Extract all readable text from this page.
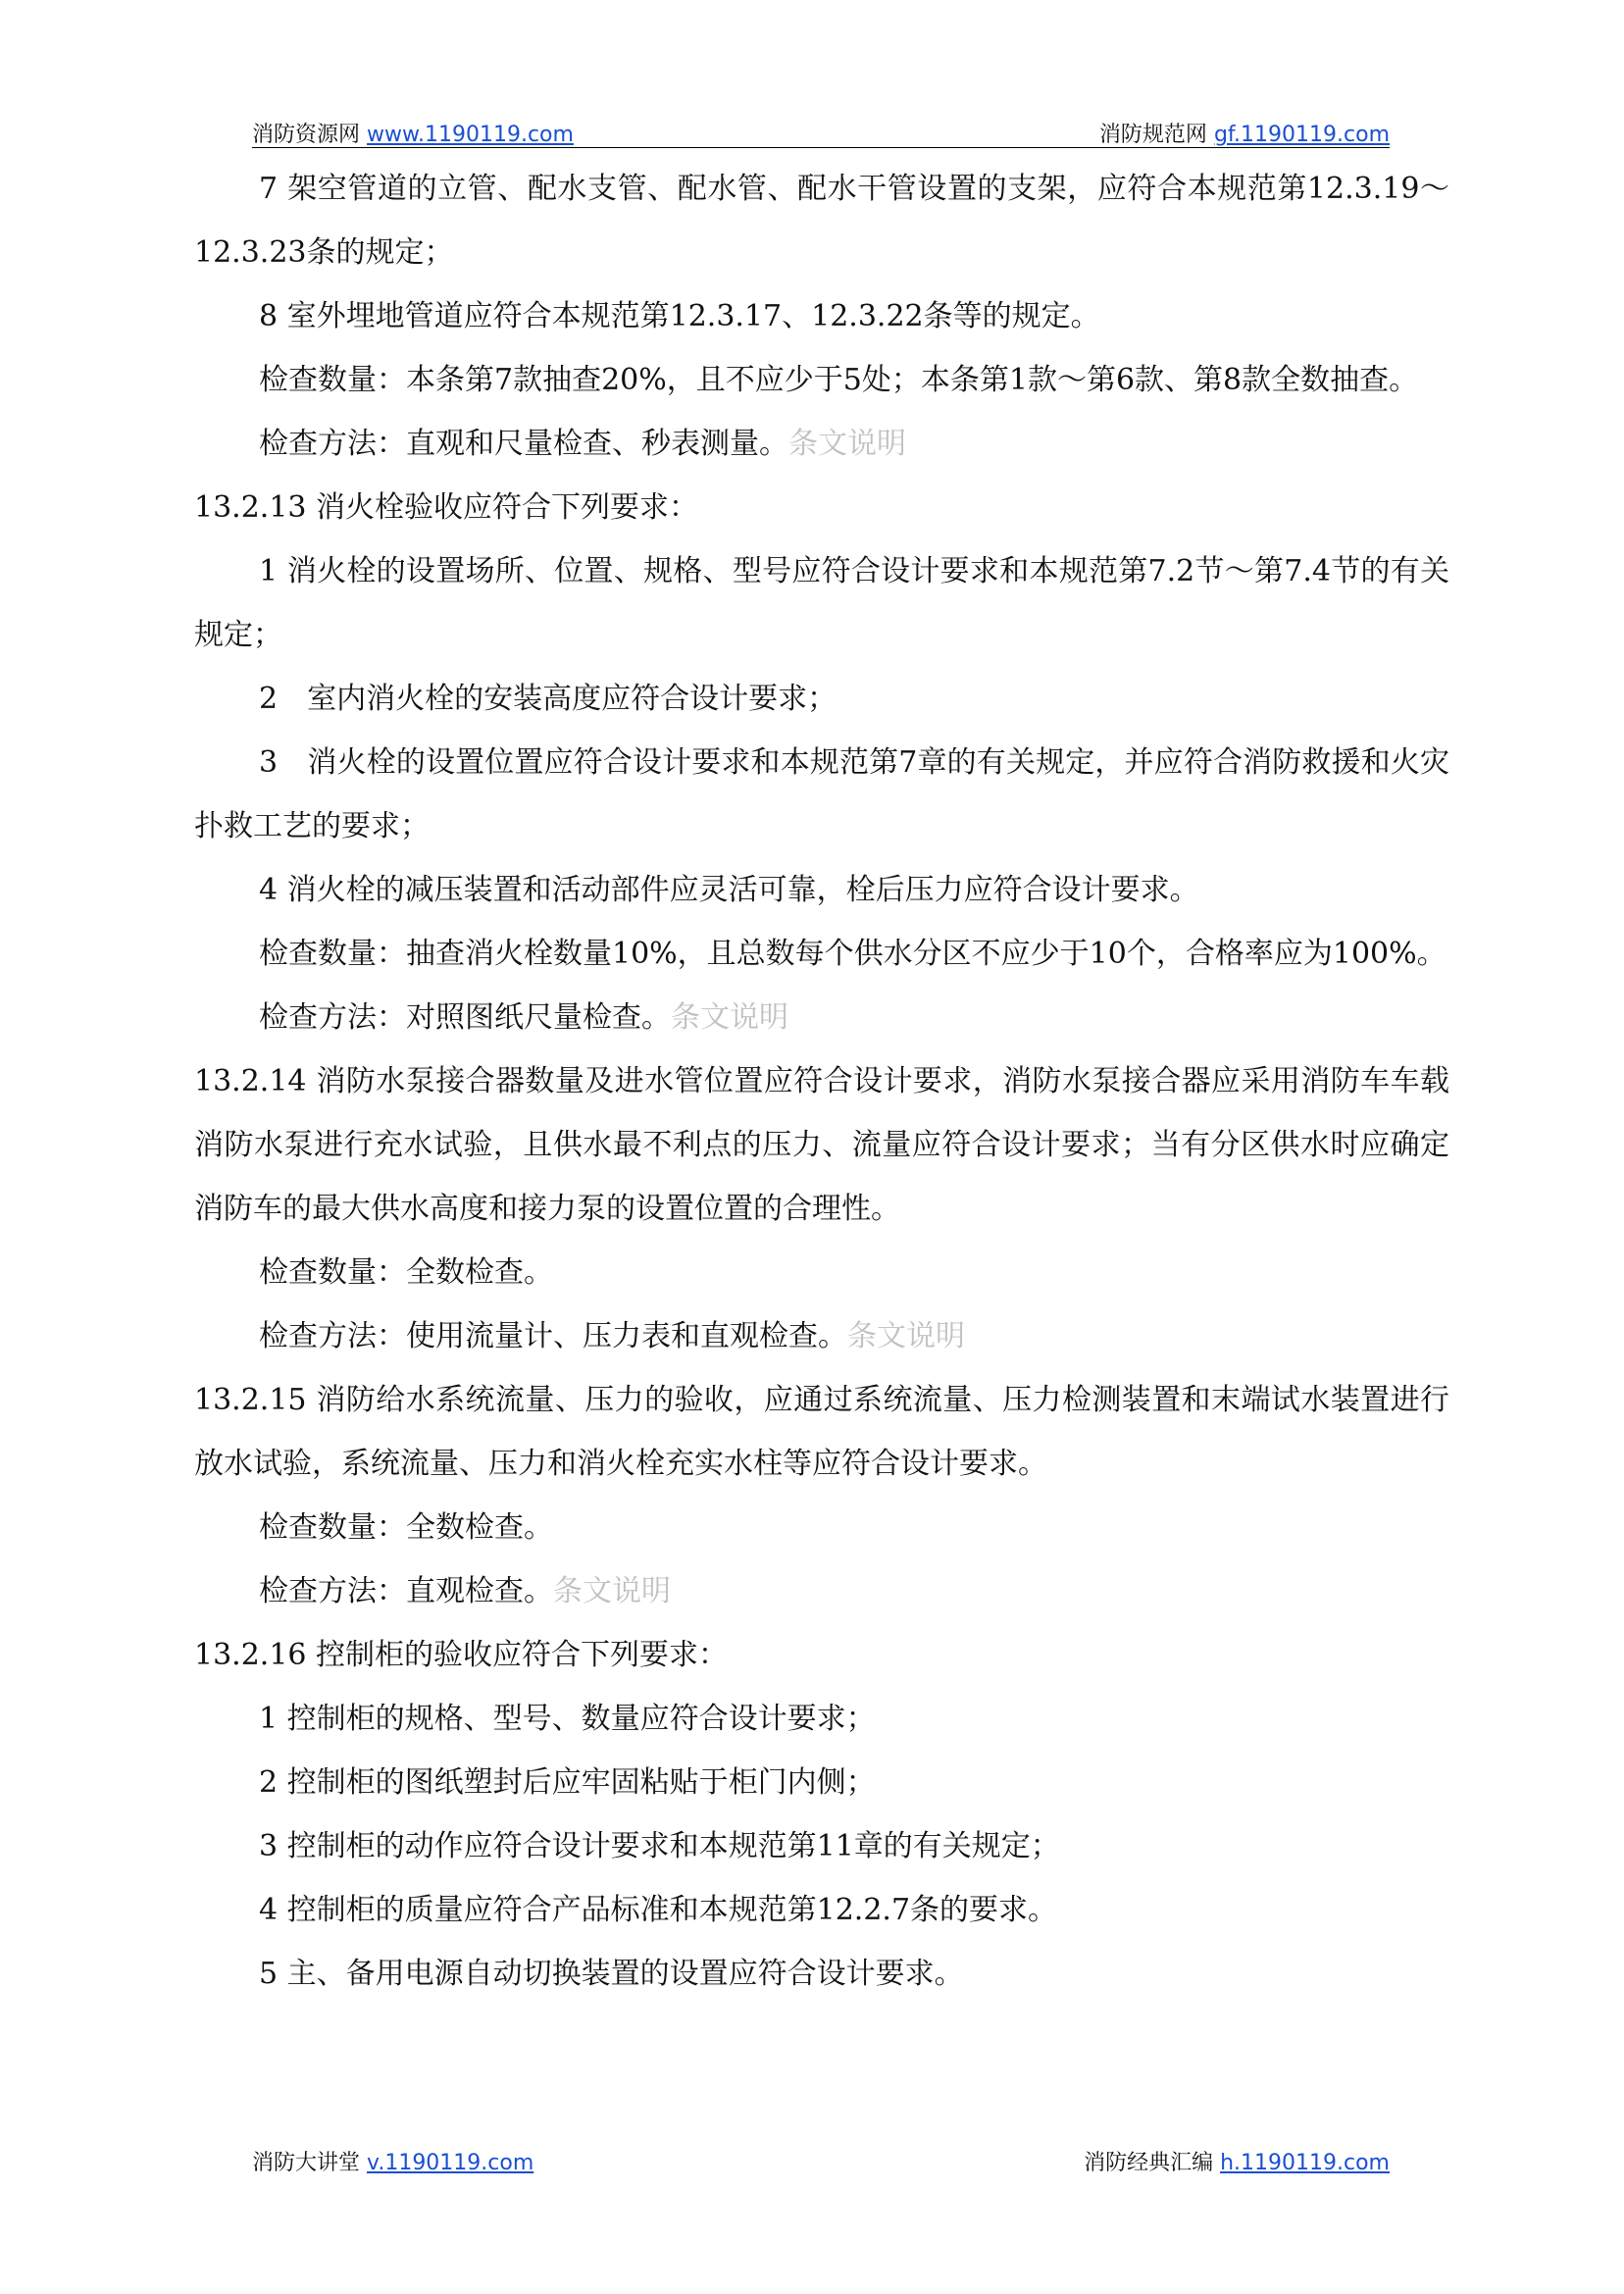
消防资源网 www.1190119.com	消防规范网 gf.1190119.com

7 架空管道的立管、配水支管、配水管、配水干管设置的支架，应符合本规范第12.3.19～12.3.23条的规定；

8 室外埋地管道应符合本规范第12.3.17、12.3.22条等的规定。

检查数量：本条第7款抽查20%，且不应少于5处；本条第1款～第6款、第8款全数抽查。

检查方法：直观和尺量检查、秒表测量。条文说明

13.2.13 消火栓验收应符合下列要求：

1 消火栓的设置场所、位置、规格、型号应符合设计要求和本规范第7.2节～第7.4节的有关规定；

2　室内消火栓的安装高度应符合设计要求；

3　消火栓的设置位置应符合设计要求和本规范第7章的有关规定，并应符合消防救援和火灾扑救工艺的要求；

4 消火栓的减压装置和活动部件应灵活可靠，栓后压力应符合设计要求。

检查数量：抽查消火栓数量10%，且总数每个供水分区不应少于10个，合格率应为100%。

检查方法：对照图纸尺量检查。条文说明

13.2.14 消防水泵接合器数量及进水管位置应符合设计要求，消防水泵接合器应采用消防车车载消防水泵进行充水试验，且供水最不利点的压力、流量应符合设计要求；当有分区供水时应确定消防车的最大供水高度和接力泵的设置位置的合理性。

检查数量：全数检查。

检查方法：使用流量计、压力表和直观检查。条文说明

13.2.15 消防给水系统流量、压力的验收，应通过系统流量、压力检测装置和末端试水装置进行放水试验，系统流量、压力和消火栓充实水柱等应符合设计要求。

检查数量：全数检查。

检查方法：直观检查。条文说明

13.2.16 控制柜的验收应符合下列要求：

1 控制柜的规格、型号、数量应符合设计要求；

2 控制柜的图纸塑封后应牢固粘贴于柜门内侧；

3 控制柜的动作应符合设计要求和本规范第11章的有关规定；

4 控制柜的质量应符合产品标准和本规范第12.2.7条的要求。

5 主、备用电源自动切换装置的设置应符合设计要求。

消防大讲堂 v.1190119.com	消防经典汇编 h.1190119.com
